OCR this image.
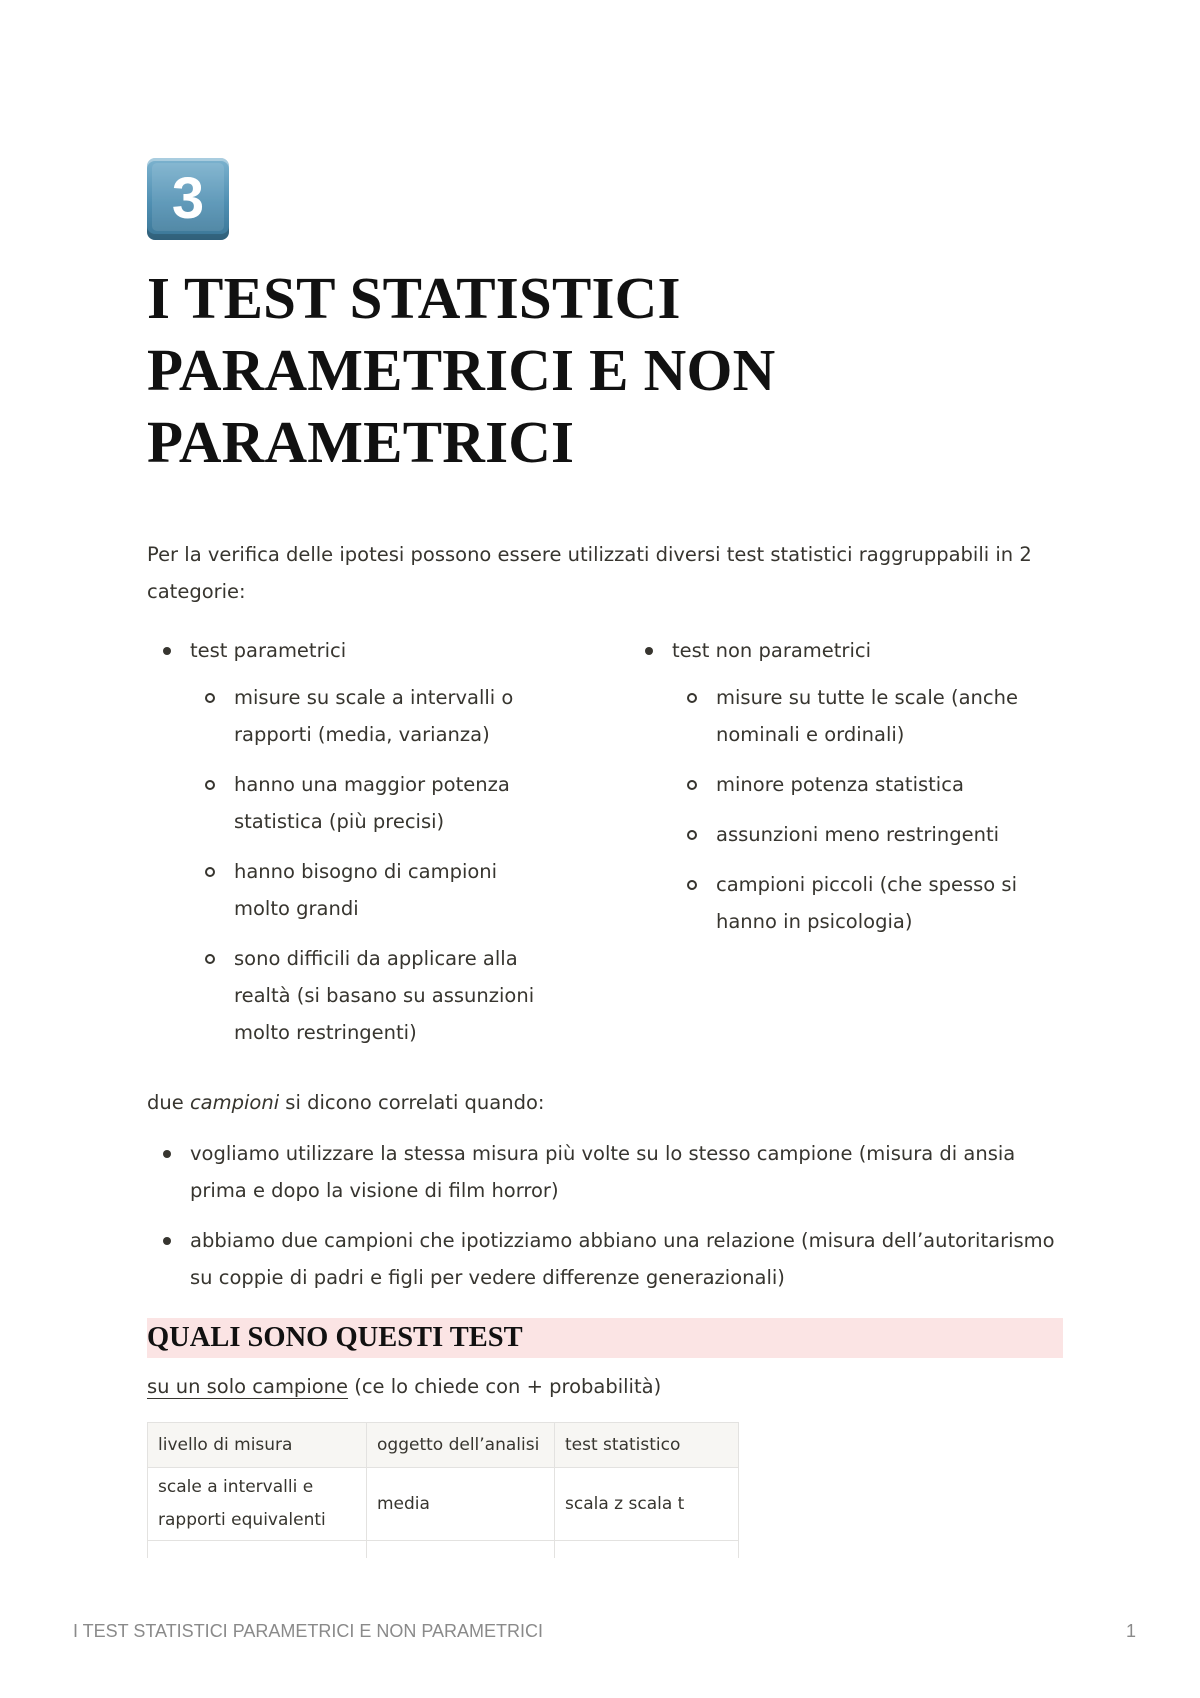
3
I TEST STATISTICI
PARAMETRICI E NON
PARAMETRICI

Per la verifica delle ipotesi possono essere utilizzati diversi test statistici raggruppabili in 2 categorie:

test parametrici
misure su scale a intervalli o rapporti (media, varianza)
hanno una maggior potenza statistica (più precisi)
hanno bisogno di campioni molto grandi
sono difficili da applicare alla realtà (si basano su assunzioni molto restringenti)
test non parametrici
misure su tutte le scale (anche nominali e ordinali)
minore potenza statistica
assunzioni meno restringenti
campioni piccoli (che spesso si hanno in psicologia)

due campioni si dicono correlati quando:

vogliamo utilizzare la stessa misura più volte su lo stesso campione (misura di ansia prima e dopo la visione di film horror)
abbiamo due campioni che ipotizziamo abbiano una relazione (misura dell’autoritarismo su coppie di padri e figli per vedere differenze generazionali)
QUALI SONO QUESTI TEST

su un solo campione (ce lo chiede con + probabilità)

livello di misura	oggetto dell’analisi	test statistico
scale a intervalli e rapporti equivalenti	media	scala z scala t

I TEST STATISTICI PARAMETRICI E NON PARAMETRICI	1
